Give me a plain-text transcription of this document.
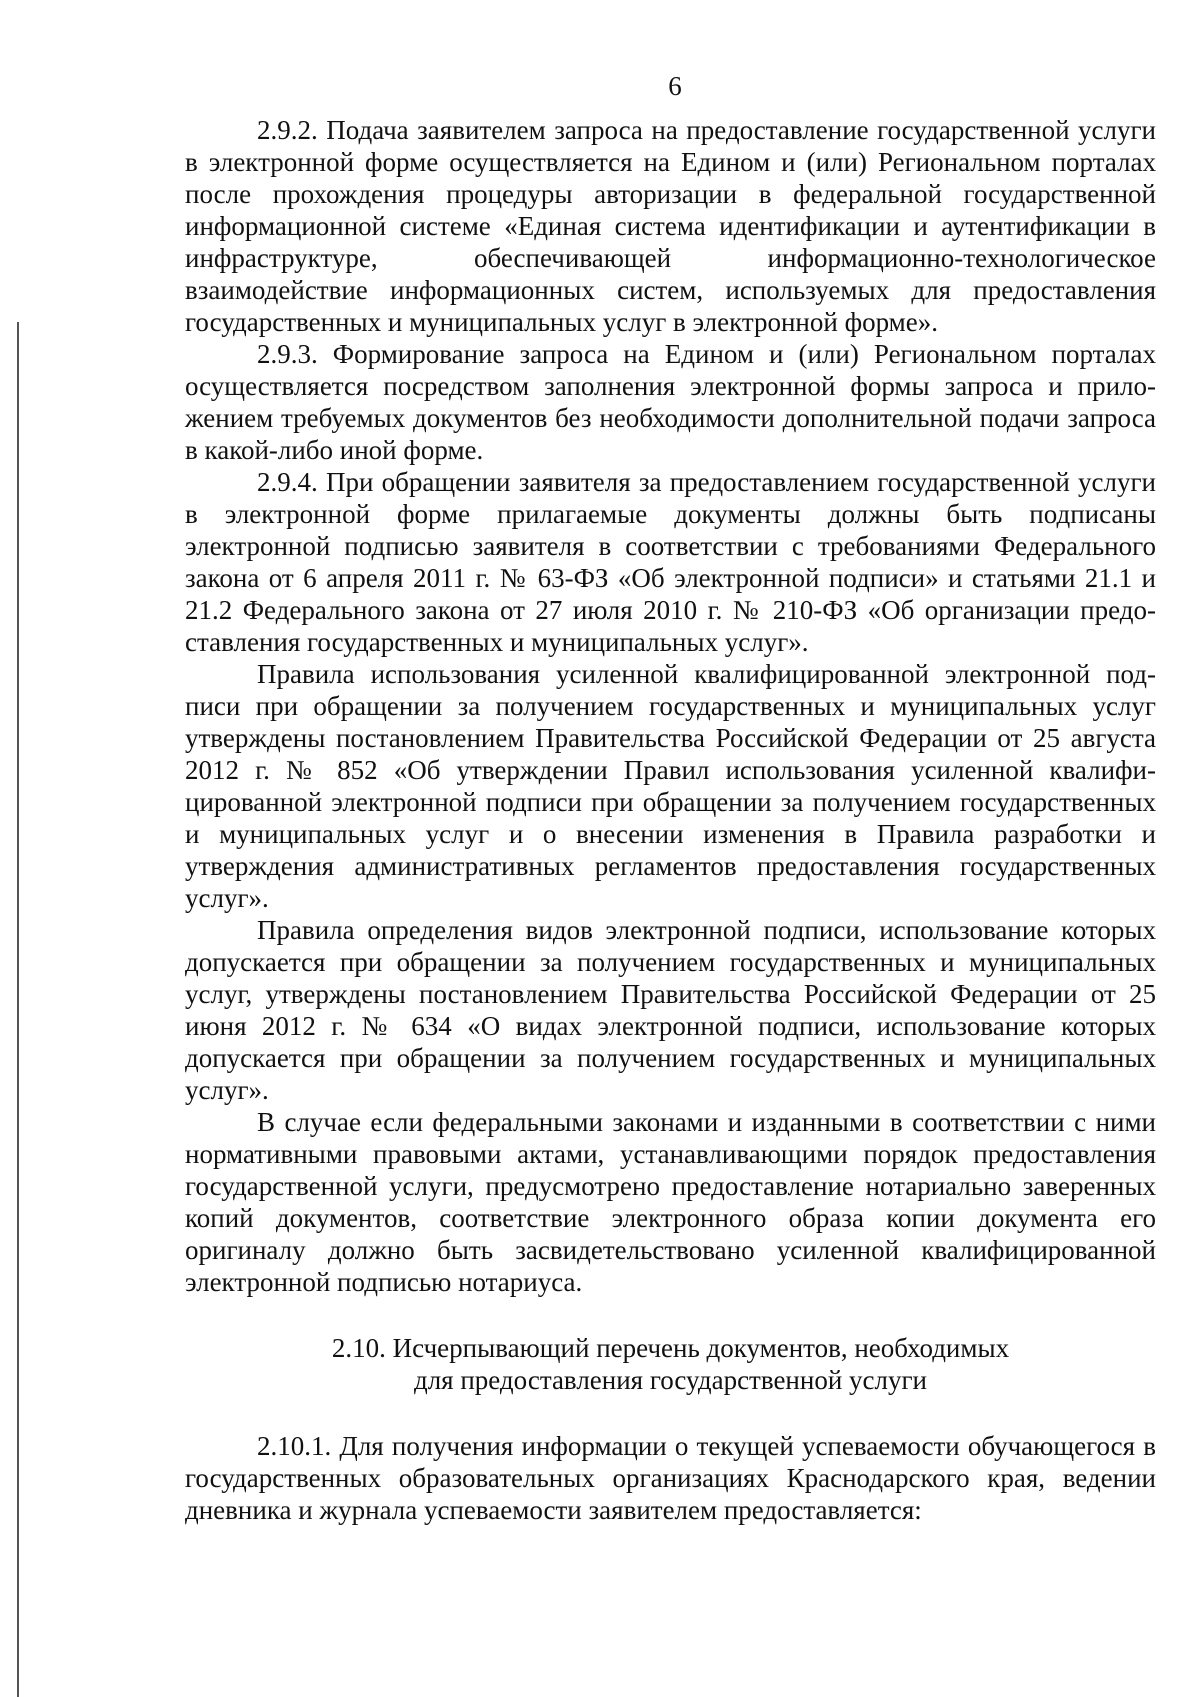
6

2.9.2. Подача заявителем запроса на предоставление государственной услуги в электронной форме осуществляется на Едином и (или) Региональном порталах после прохождения процедуры авторизации в федеральной государственной информационной системе «Единая система идентификации и аутентификации в инфраструктуре, обеспечивающей информационно-технологическое взаимодействие информационных систем, используемых для предоставления государственных и муниципальных услуг в электронной форме».

2.9.3. Формирование запроса на Едином и (или) Региональном порталах осуществляется посредством заполнения электронной формы запроса и приложением требуемых документов без необходимости дополнительной подачи запроса в какой-либо иной форме.

2.9.4. При обращении заявителя за предоставлением государственной услуги в электронной форме прилагаемые документы должны быть подписаны электронной подписью заявителя в соответствии с требованиями Федерального закона от 6 апреля 2011 г. № 63-ФЗ «Об электронной подписи» и статьями 21.1 и 21.2 Федерального закона от 27 июля 2010 г. № 210-ФЗ «Об организации предоставления государственных и муниципальных услуг».

Правила использования усиленной квалифицированной электронной подписи при обращении за получением государственных и муниципальных услуг утверждены постановлением Правительства Российской Федерации от 25 августа 2012 г. № 852 «Об утверждении Правил использования усиленной квалифицированной электронной подписи при обращении за получением государственных и муниципальных услуг и о внесении изменения в Правила разработки и утверждения административных регламентов предоставления государственных услуг».

Правила определения видов электронной подписи, использование которых допускается при обращении за получением государственных и муниципальных услуг, утверждены постановлением Правительства Российской Федерации от 25 июня 2012 г. № 634 «О видах электронной подписи, использование которых допускается при обращении за получением государственных и муниципальных услуг».

В случае если федеральными законами и изданными в соответствии с ними нормативными правовыми актами, устанавливающими порядок предоставления государственной услуги, предусмотрено предоставление нотариально заверенных копий документов, соответствие электронного образа копии документа его оригиналу должно быть засвидетельствовано усиленной квалифицированной электронной подписью нотариуса.

2.10. Исчерпывающий перечень документов, необходимых
для предоставления государственной услуги

2.10.1. Для получения информации о текущей успеваемости обучающегося в государственных образовательных организациях Краснодарского края, ведении дневника и журнала успеваемости заявителем предоставляется:
